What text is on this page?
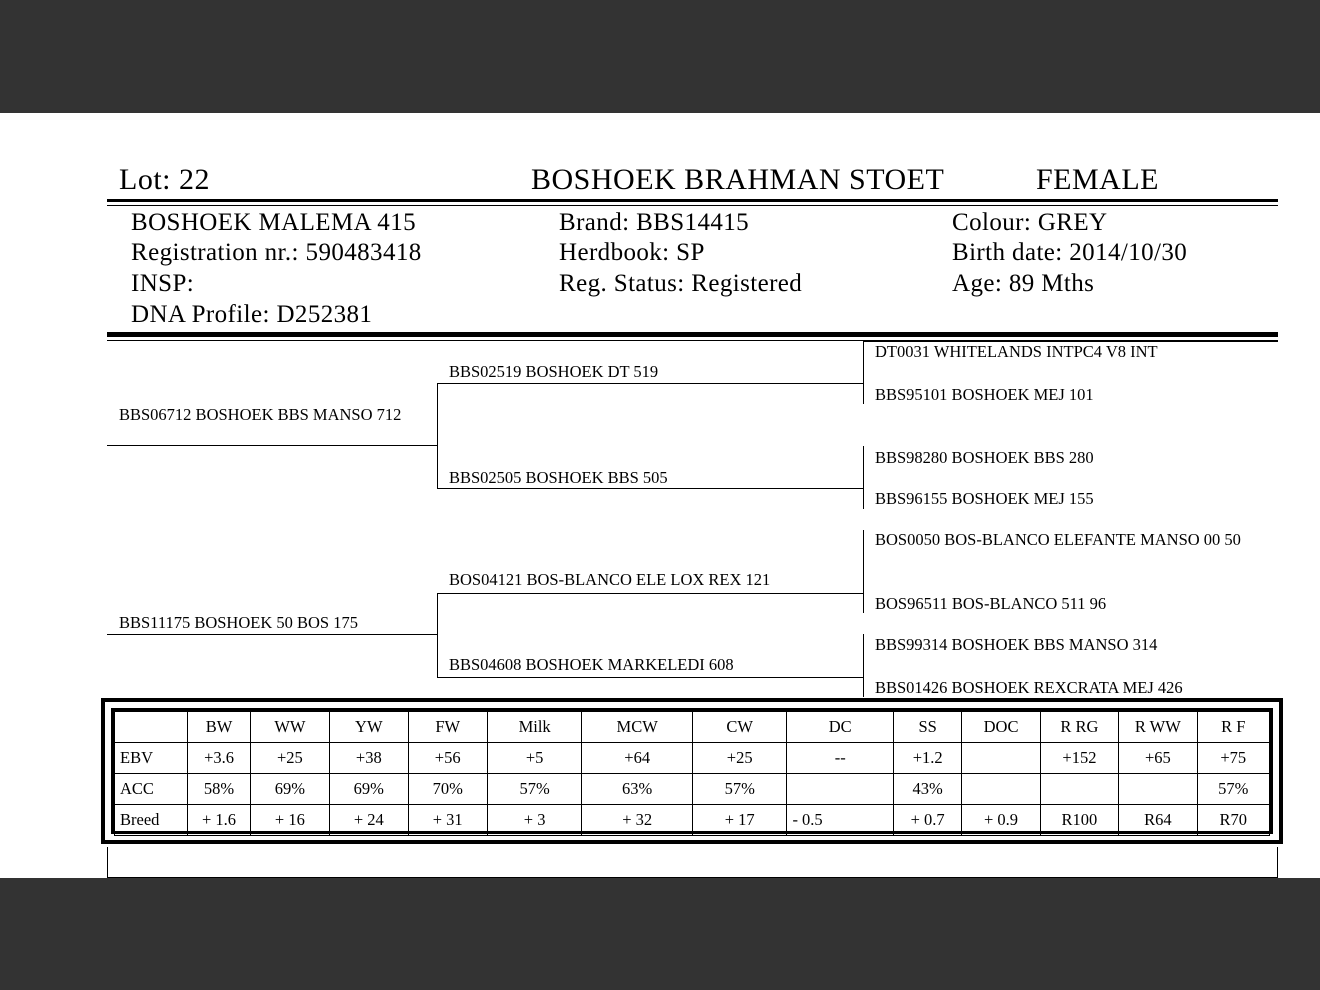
Lot: 22	BOSHOEK BRAHMAN STOET	FEMALE
BOSHOEK MALEMA 415
Registration nr.: 590483418
INSP:
DNA Profile: D252381
Brand: BBS14415
Herdbook: SP
Reg. Status: Registered
Colour: GREY
Birth date: 2014/10/30
Age: 89 Mths
BBS06712 BOSHOEK BBS MANSO 712
BBS11175 BOSHOEK 50 BOS 175
BBS02519 BOSHOEK DT 519
BBS02505 BOSHOEK BBS 505
BOS04121 BOS-BLANCO ELE LOX REX 121
BBS04608 BOSHOEK MARKELEDI 608
DT0031 WHITELANDS INTPC4 V8 INT
BBS95101 BOSHOEK MEJ 101
BBS98280 BOSHOEK BBS 280
BBS96155 BOSHOEK MEJ 155
BOS0050 BOS-BLANCO ELEFANTE MANSO 00 50
BOS96511 BOS-BLANCO 511 96
BBS99314 BOSHOEK BBS MANSO 314
BBS01426 BOSHOEK REXCRATA MEJ 426
	BW	WW	YW	FW	Milk	MCW	CW	DC	SS	DOC	R RG	R WW	R F
EBV	+3.6	+25	+38	+56	+5	+64	+25	--	+1.2		+152	+65	+75
ACC	58%	69%	69%	70%	57%	63%	57%		43%				57%
Breed	+ 1.6	+ 16	+ 24	+ 31	+ 3	+ 32	+ 17	- 0.5	+ 0.7	+ 0.9	R100	R64	R70
